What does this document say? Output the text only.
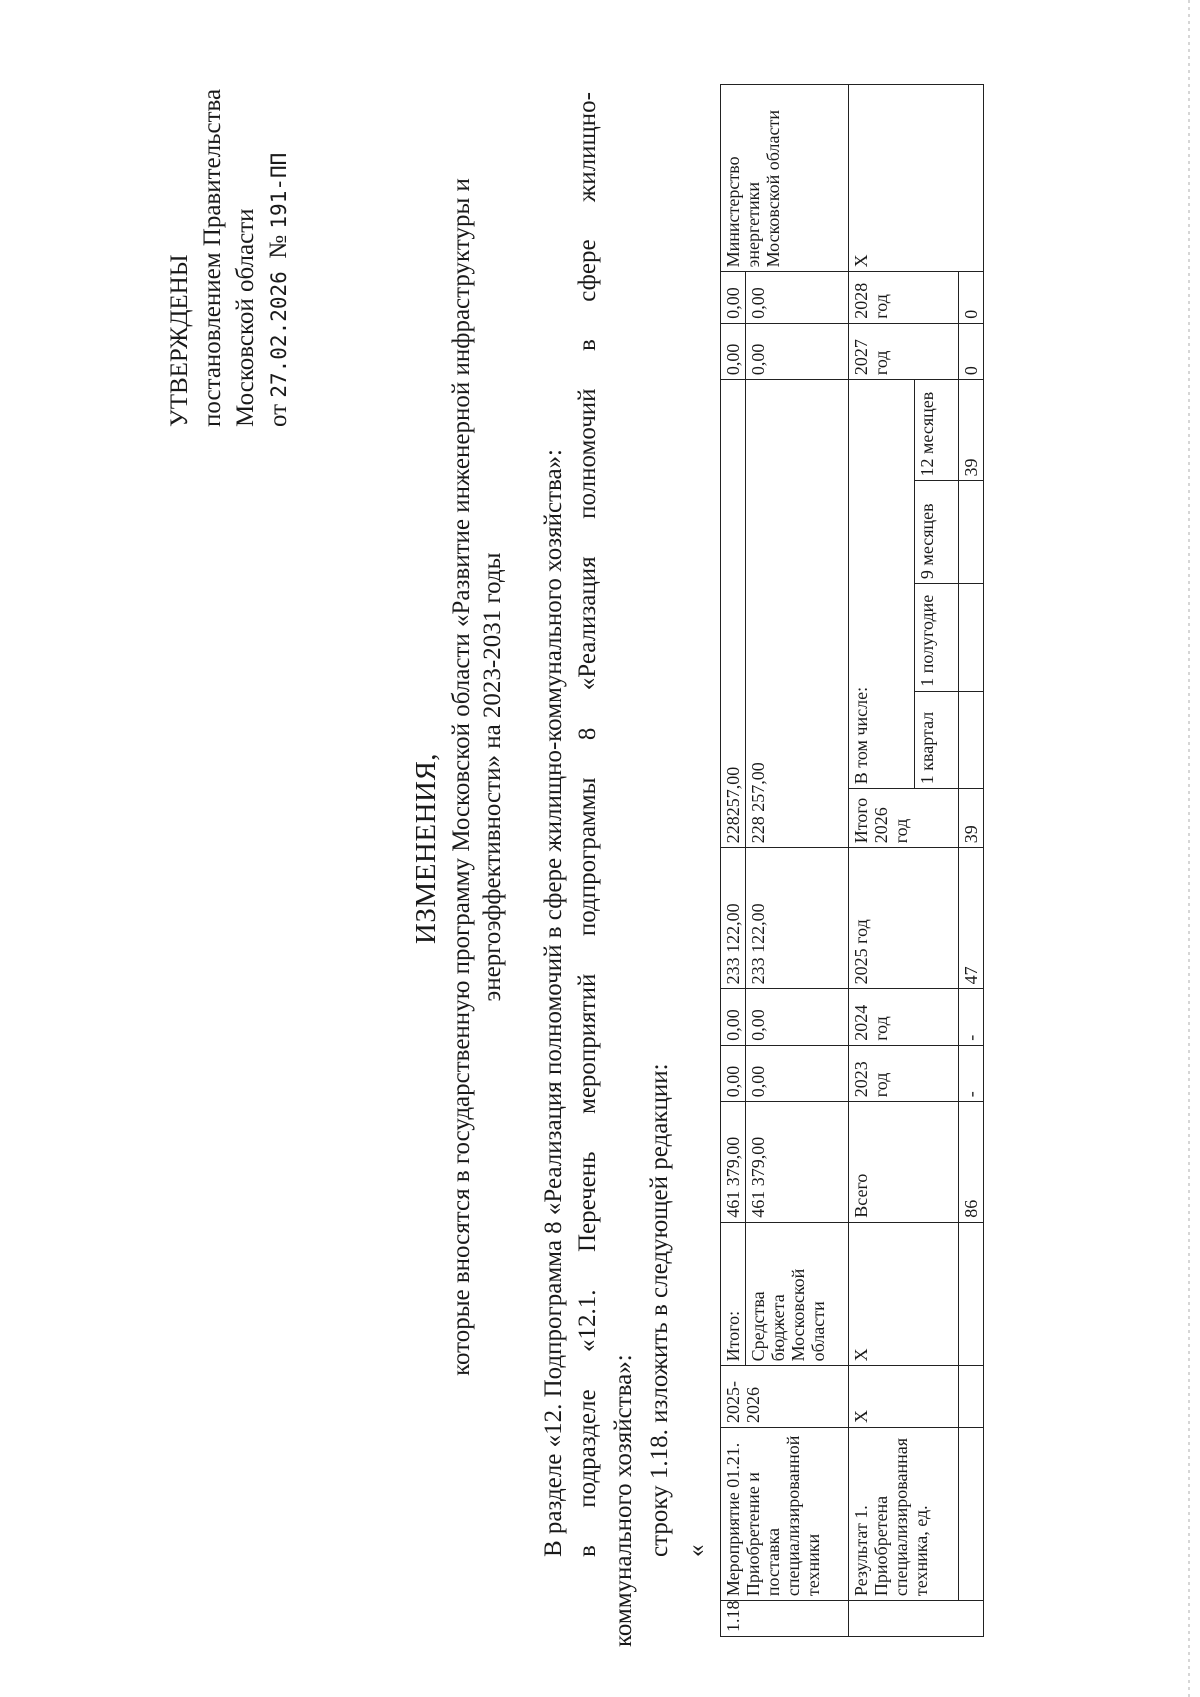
УТВЕРЖДЕНЫ постановлением Правительства Московской области от 27.02.2026  № 191-ПП
ИЗМЕНЕНИЯ, которые вносятся в государственную программу Московской области «Развитие инженерной инфраструктуры и энергоэффективности» на 2023-2031 годы В разделе «12. Подпрограмма 8 «Реализация полномочий в сфере жилищно-коммунального хозяйства»: в подразделе «12.1. Перечень мероприятий подпрограммы 8 «Реализация полномочий в сфере жилищно- коммунального хозяйства»: строку 1.18. изложить в следующей редакции: «
1.18	Мероприятие 01.21. Приобретение и поставка специализированной техники	2025-2026	Итого:	461 379,00	0,00	0,00	233 122,00	228257,00					0,00	0,00	Министерство энергетики Московской области
			Средства бюджета Московской области	461 379,00	0,00	0,00	233 122,00	228 257,00					0,00	0,00	
	Результат 1. Приобретена специализированная техника, ед.	X	X	Всего	2023 год	2024 год	2025 год	Итого 2026 год	В том числе:				2027 год	2028 год	X
									1 квартал	1 полугодие	9 месяцев	12 месяцев			
				86	-	-	47	39				39	0	0	
